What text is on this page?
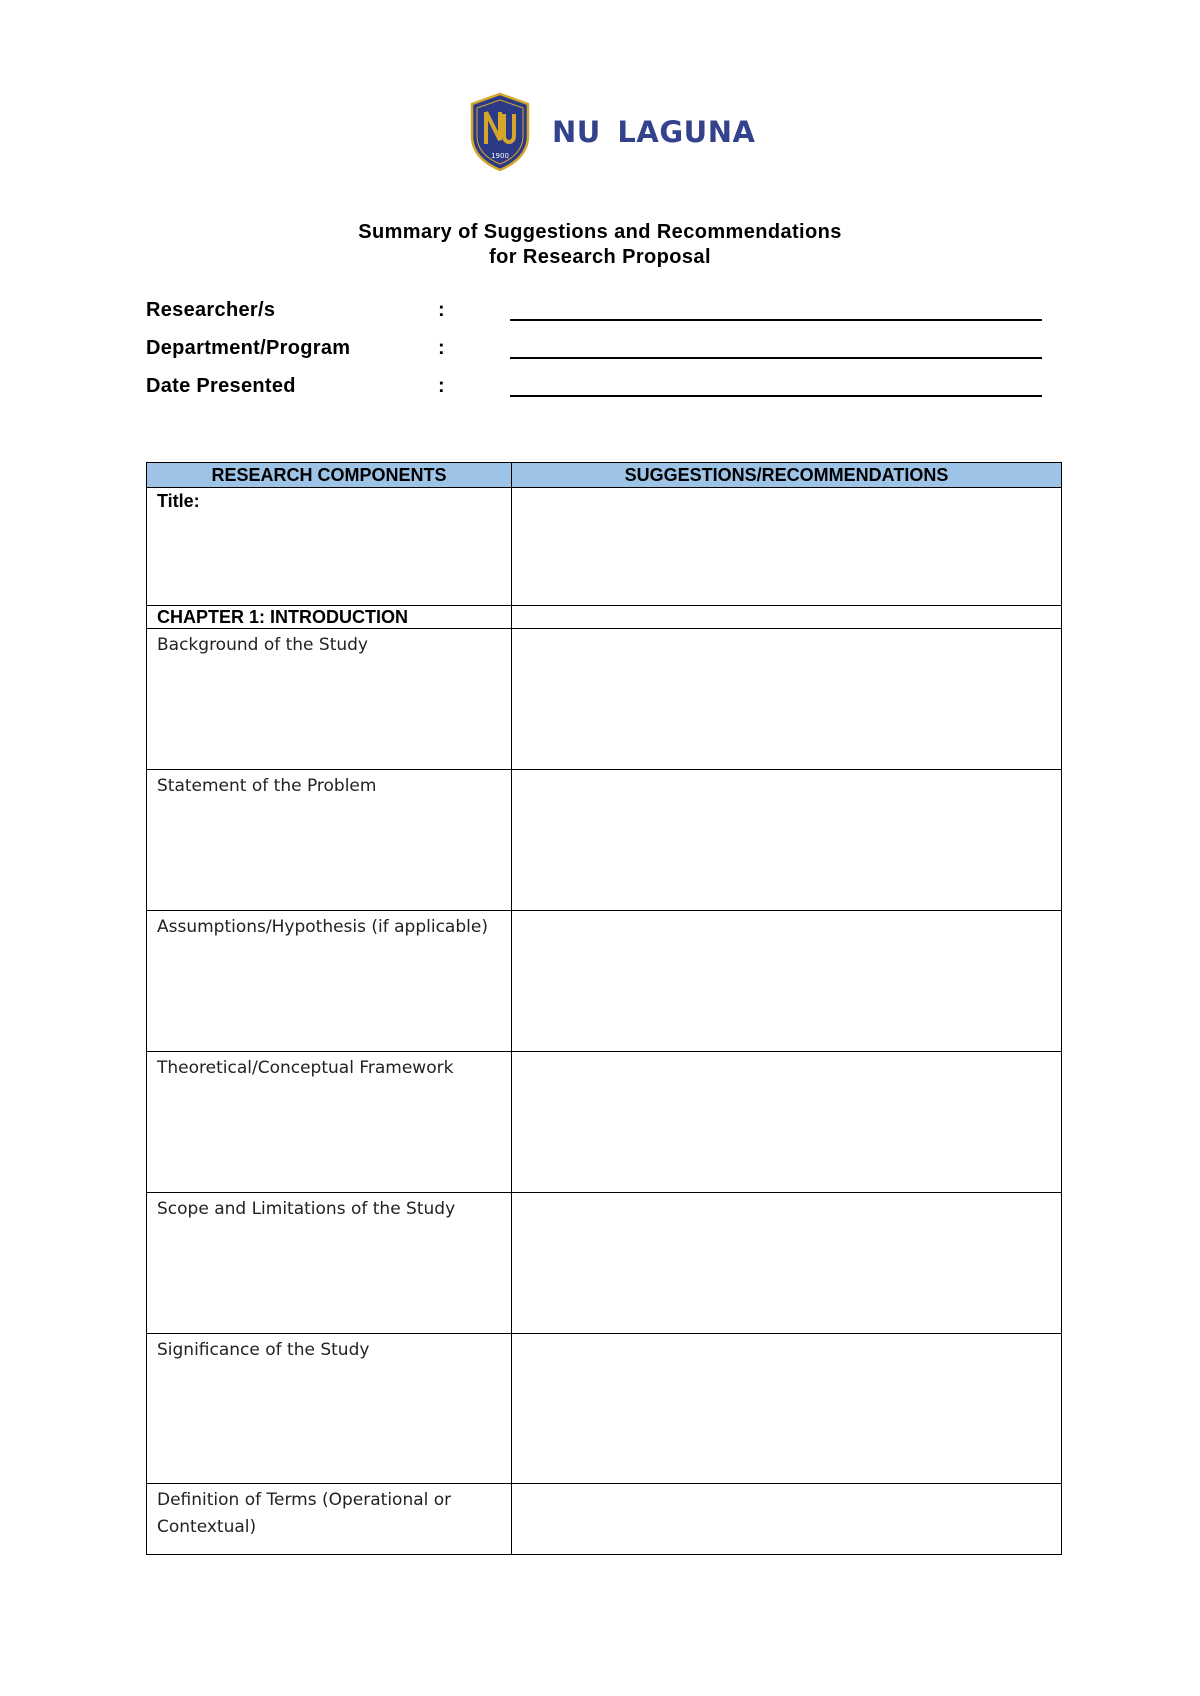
1900
NU LAGUNA
Summary of Suggestions and Recommendations
for Research Proposal
Researcher/s	:
Department/Program	:
Date Presented	:
RESEARCH COMPONENTS	SUGGESTIONS/RECOMMENDATIONS

Title:	

CHAPTER 1: INTRODUCTION	

Background of the Study	

Statement of the Problem	

Assumptions/Hypothesis (if applicable)	

Theoretical/Conceptual Framework	

Scope and Limitations of the Study	

Significance of the Study	

Definition of Terms (Operational or Contextual)	
